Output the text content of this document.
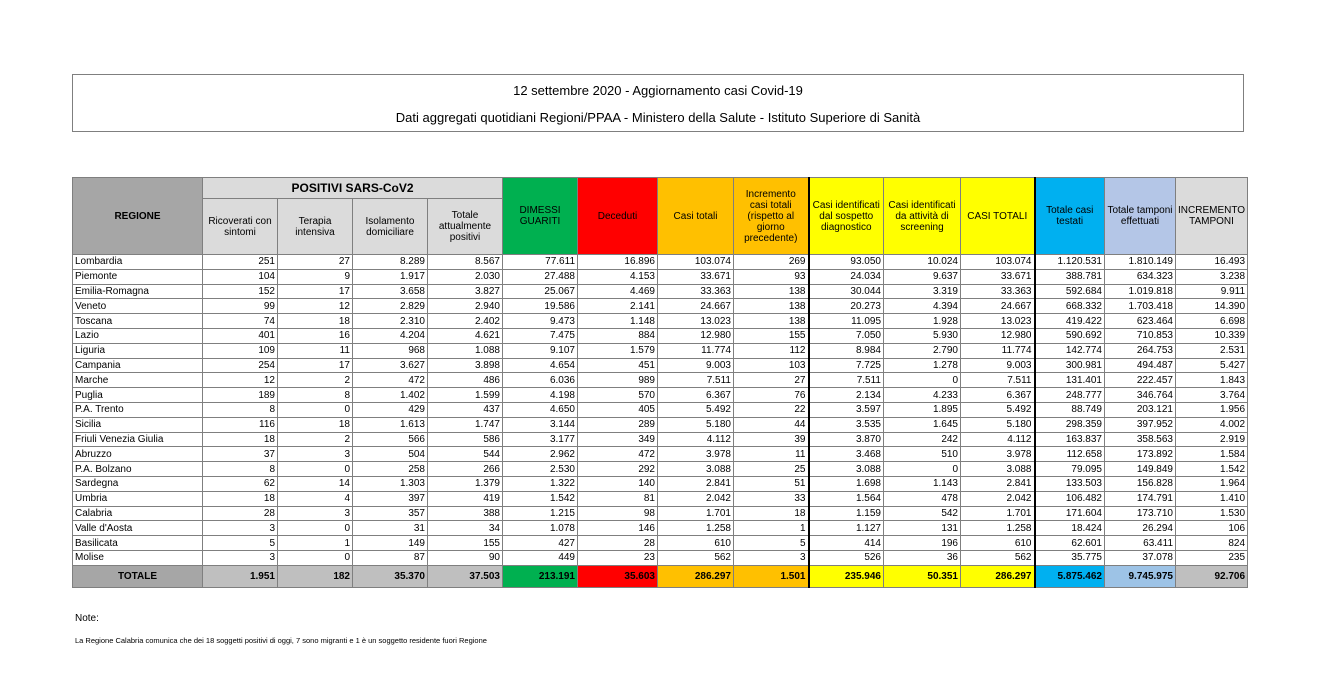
12 settembre 2020 - Aggiornamento casi Covid-19
Dati aggregati quotidiani Regioni/PPAA - Ministero della Salute - Istituto Superiore di Sanità
REGIONE	POSITIVI SARS-CoV2				DIMESSI GUARITI	Deceduti	Casi totali	Incremento casi totali (rispetto al giorno precedente)	Casi identificati dal sospetto diagnostico	Casi identificati da attività di screening	CASI TOTALI	Totale casi testati	Totale tamponi effettuati	INCREMENTO TAMPONI
	Ricoverati con sintomi	Terapia intensiva	Isolamento domiciliare	Totale attualmente positivi										
Lombardia	251	27	8.289	8.567	77.611	16.896	103.074	269	93.050	10.024	103.074	1.120.531	1.810.149	16.493
Piemonte	104	9	1.917	2.030	27.488	4.153	33.671	93	24.034	9.637	33.671	388.781	634.323	3.238
Emilia-Romagna	152	17	3.658	3.827	25.067	4.469	33.363	138	30.044	3.319	33.363	592.684	1.019.818	9.911
Veneto	99	12	2.829	2.940	19.586	2.141	24.667	138	20.273	4.394	24.667	668.332	1.703.418	14.390
Toscana	74	18	2.310	2.402	9.473	1.148	13.023	138	11.095	1.928	13.023	419.422	623.464	6.698
Lazio	401	16	4.204	4.621	7.475	884	12.980	155	7.050	5.930	12.980	590.692	710.853	10.339
Liguria	109	11	968	1.088	9.107	1.579	11.774	112	8.984	2.790	11.774	142.774	264.753	2.531
Campania	254	17	3.627	3.898	4.654	451	9.003	103	7.725	1.278	9.003	300.981	494.487	5.427
Marche	12	2	472	486	6.036	989	7.511	27	7.511	0	7.511	131.401	222.457	1.843
Puglia	189	8	1.402	1.599	4.198	570	6.367	76	2.134	4.233	6.367	248.777	346.764	3.764
P.A. Trento	8	0	429	437	4.650	405	5.492	22	3.597	1.895	5.492	88.749	203.121	1.956
Sicilia	116	18	1.613	1.747	3.144	289	5.180	44	3.535	1.645	5.180	298.359	397.952	4.002
Friuli Venezia Giulia	18	2	566	586	3.177	349	4.112	39	3.870	242	4.112	163.837	358.563	2.919
Abruzzo	37	3	504	544	2.962	472	3.978	11	3.468	510	3.978	112.658	173.892	1.584
P.A. Bolzano	8	0	258	266	2.530	292	3.088	25	3.088	0	3.088	79.095	149.849	1.542
Sardegna	62	14	1.303	1.379	1.322	140	2.841	51	1.698	1.143	2.841	133.503	156.828	1.964
Umbria	18	4	397	419	1.542	81	2.042	33	1.564	478	2.042	106.482	174.791	1.410
Calabria	28	3	357	388	1.215	98	1.701	18	1.159	542	1.701	171.604	173.710	1.530
Valle d'Aosta	3	0	31	34	1.078	146	1.258	1	1.127	131	1.258	18.424	26.294	106
Basilicata	5	1	149	155	427	28	610	5	414	196	610	62.601	63.411	824
Molise	3	0	87	90	449	23	562	3	526	36	562	35.775	37.078	235
TOTALE	1.951	182	35.370	37.503	213.191	35.603	286.297	1.501	235.946	50.351	286.297	5.875.462	9.745.975	92.706
Note:
La Regione Calabria comunica che dei 18 soggetti positivi di oggi, 7 sono migranti e 1 è un soggetto residente fuori Regione
